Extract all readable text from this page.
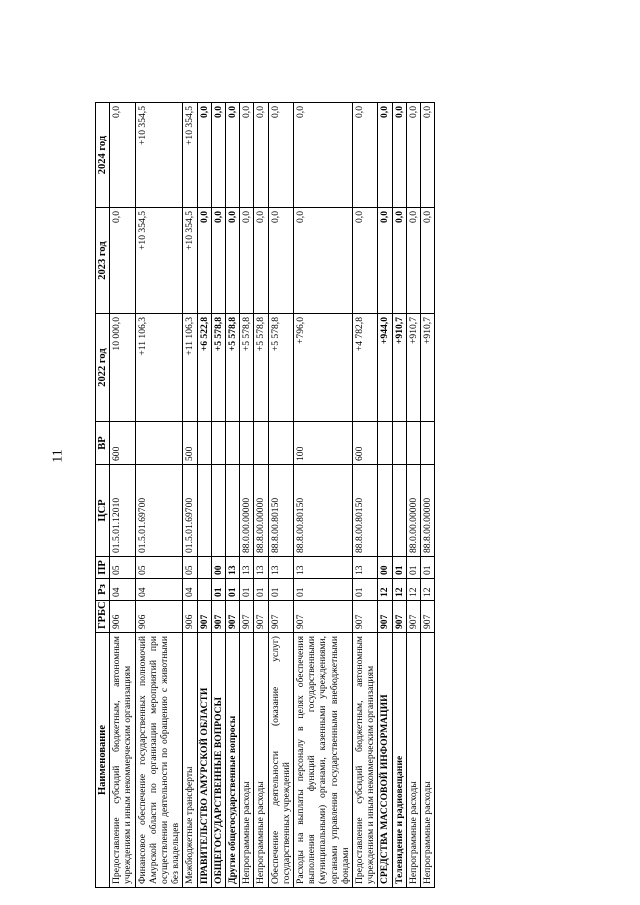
11
Наименование	ГРБС	Рз	ПР	ЦСР	ВР	2022 год	2023 год	2024 год
Предоставление субсидий бюджетным, автономным учреждениям и иным некоммерческим организациям	906	04	05	01.5.01.12010	600	10 000,0	0,0	0,0
Финансовое обеспечение государственных полномочий Амурской области по организации мероприятий при осуществлении деятельности по обращению с животными без владельцев	906	04	05	01.5.01.69700		+11 106,3	+10 354,5	+10 354,5
Межбюджетные трансферты	906	04	05	01.5.01.69700	500	+11 106,3	+10 354,5	+10 354,5
ПРАВИТЕЛЬСТВО АМУРСКОЙ ОБЛАСТИ	907					+6 522,8	0,0	0,0
ОБЩЕГОСУДАРСТВЕННЫЕ ВОПРОСЫ	907	01	00			+5 578,8	0,0	0,0
Другие общегосударственные вопросы	907	01	13			+5 578,8	0,0	0,0
Непрограммные расходы	907	01	13	88.0.00.00000		+5 578,8	0,0	0,0
Непрограммные расходы	907	01	13	88.8.00.00000		+5 578,8	0,0	0,0
Обеспечение деятельности (оказание услуг) государственных учреждений	907	01	13	88.8.00.80150		+5 578,8	0,0	0,0
Расходы на выплаты персоналу в целях обеспечения выполнения функций государственными (муниципальными) органами, казенными учреждениями, органами управления государственными внебюджетными фондами	907	01	13	88.8.00.80150	100	+796,0	0,0	0,0
Предоставление субсидий бюджетным, автономным учреждениям и иным некоммерческим организациям	907	01	13	88.8.00.80150	600	+4 782,8	0,0	0,0
СРЕДСТВА МАССОВОЙ ИНФОРМАЦИИ	907	12	00			+944,0	0,0	0,0
Телевидение и радиовещание	907	12	01			+910,7	0,0	0,0
Непрограммные расходы	907	12	01	88.0.00.00000		+910,7	0,0	0,0
Непрограммные расходы	907	12	01	88.8.00.00000		+910,7	0,0	0,0
